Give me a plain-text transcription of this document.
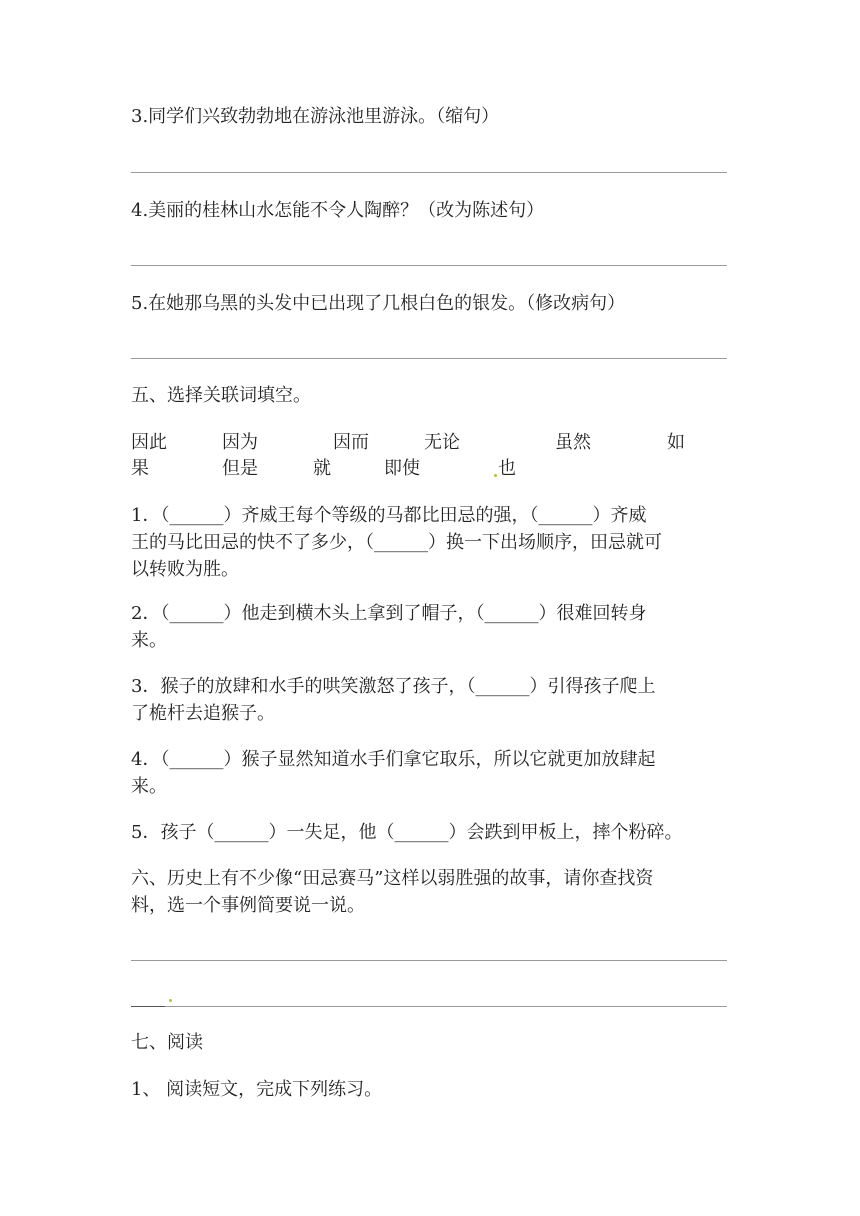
3.同学们兴致勃勃地在游泳池里游泳。（缩句）
4.美丽的桂林山水怎能不令人陶醉？（改为陈述句）
5.在她那乌黑的头发中已出现了几根白色的银发。（修改病句）
五、选择关联词填空。
因此	因为	因而	无论	虽然	如
果	但是	就	即使	也
1．（______）齐威王每个等级的马都比田忌的强，（______）齐威
王的马比田忌的快不了多少，（______）换一下出场顺序，田忌就可
以转败为胜。
2．（______）他走到横木头上拿到了帽子，（______）很难回转身
来。
3．猴子的放肆和水手的哄笑激怒了孩子，（______）引得孩子爬上
了桅杆去追猴子。
4．（______）猴子显然知道水手们拿它取乐，所以它就更加放肆起
来。
5．孩子（______）一失足，他（______）会跌到甲板上，摔个粉碎。
六、历史上有不少像“田忌赛马”这样以弱胜强的故事，请你查找资
料，选一个事例简要说一说。
七、阅读
1、 阅读短文，完成下列练习。
